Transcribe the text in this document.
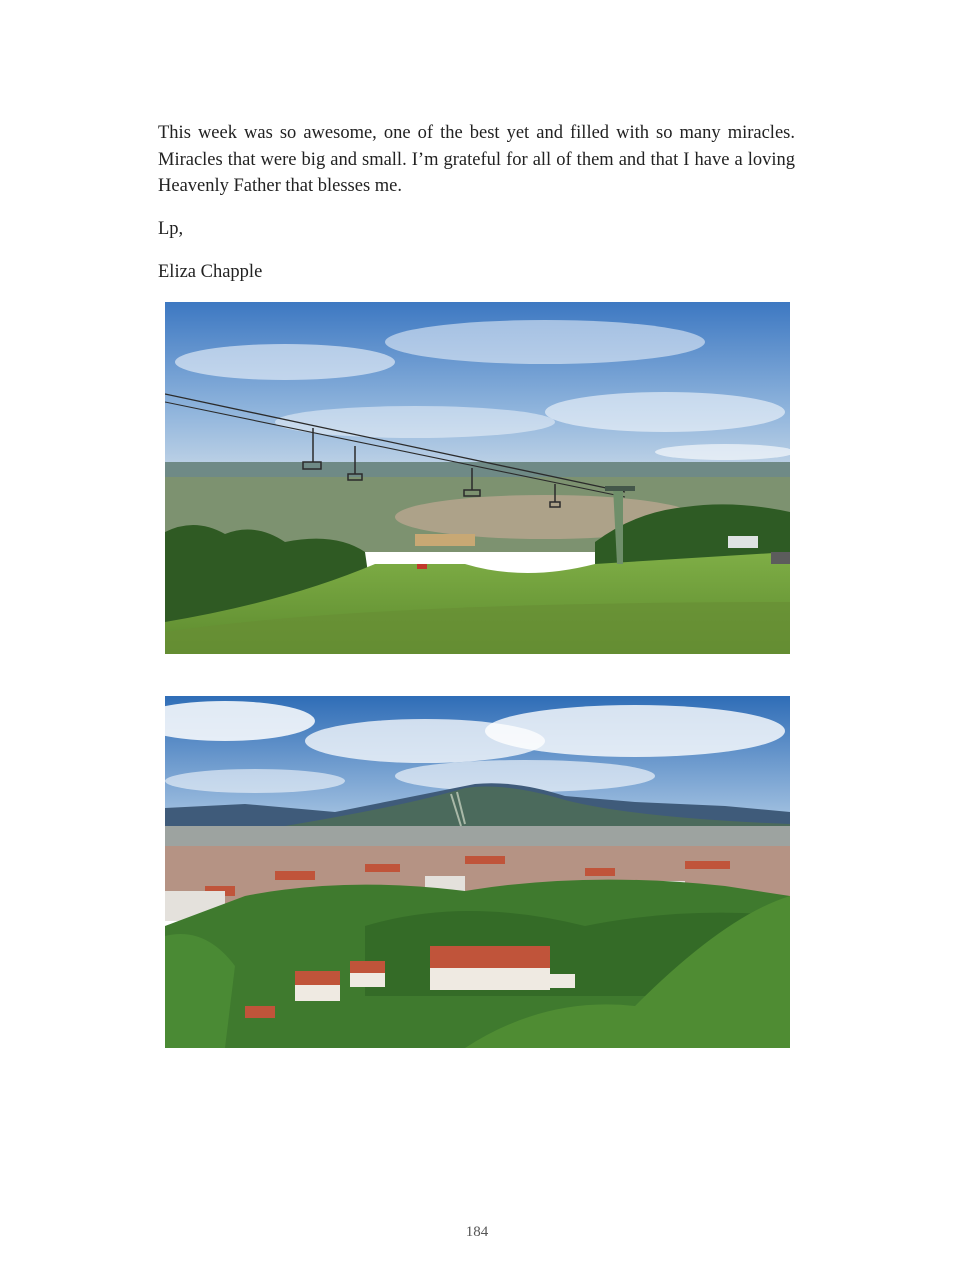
This week was so awesome, one of the best yet and filled with so many miracles. Miracles that were big and small. I’m grateful for all of them and that I have a loving Heavenly Father that blesses me.

Lp,

Eliza Chapple

184
